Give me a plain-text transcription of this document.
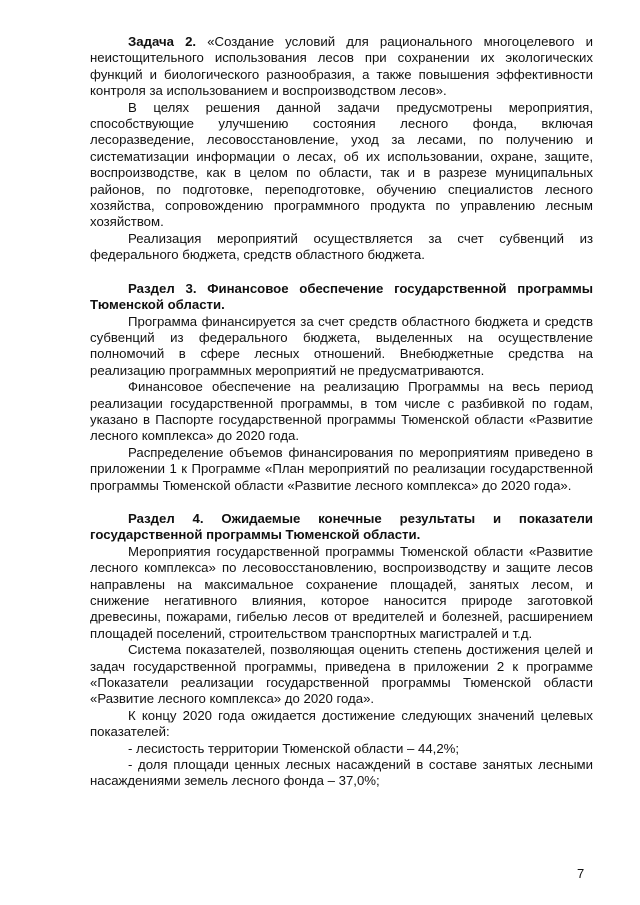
Задача 2. «Создание условий для рационального многоцелевого и неистощительного использования лесов при сохранении их экологических функций и биологического разнообразия, а также повышения эффективности контроля за использованием и воспроизводством лесов».

В целях решения данной задачи предусмотрены мероприятия, способствующие улучшению состояния лесного фонда, включая лесоразведение, лесовосстановление, уход за лесами, по получению и систематизации информации о лесах, об их использовании, охране, защите, воспроизводстве, как в целом по области, так и в разрезе муниципальных районов, по подготовке, переподготовке, обучению специалистов лесного хозяйства, сопровождению программного продукта по управлению лесным хозяйством.

Реализация мероприятий осуществляется за счет субвенций из федерального бюджета, средств областного бюджета.

Раздел 3. Финансовое обеспечение государственной программы Тюменской области.

Программа финансируется за счет средств областного бюджета и средств субвенций из федерального бюджета, выделенных на осуществление полномочий в сфере лесных отношений. Внебюджетные средства на реализацию программных мероприятий не предусматриваются.

Финансовое обеспечение на реализацию Программы на весь период реализации государственной программы, в том числе с разбивкой по годам, указано в Паспорте государственной программы Тюменской области «Развитие лесного комплекса» до 2020 года.

Распределение объемов финансирования по мероприятиям приведено в приложении 1 к Программе «План мероприятий по реализации государственной программы Тюменской области «Развитие лесного комплекса» до 2020 года».

Раздел 4. Ожидаемые конечные результаты и показатели государственной программы Тюменской области.

Мероприятия государственной программы Тюменской области «Развитие лесного комплекса» по лесовосстановлению, воспроизводству и защите лесов направлены на максимальное сохранение площадей, занятых лесом, и снижение негативного влияния, которое наносится природе заготовкой древесины, пожарами, гибелью лесов от вредителей и болезней, расширением площадей поселений, строительством транспортных магистралей и т.д.

Система показателей, позволяющая оценить степень достижения целей и задач государственной программы, приведена в приложении 2 к программе «Показатели реализации государственной программы Тюменской области «Развитие лесного комплекса» до 2020 года».

К концу 2020 года ожидается достижение следующих значений целевых показателей:

- лесистость территории Тюменской области – 44,2%;

- доля площади ценных лесных насаждений в составе занятых лесными насаждениями земель лесного фонда – 37,0%;

7
